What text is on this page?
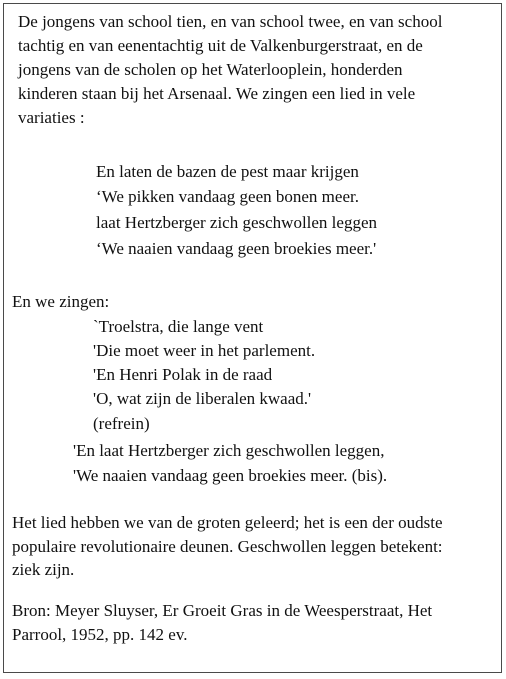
De jongens van school tien, en van school twee, en van school
tachtig en van eenentachtig uit de Valkenburgerstraat, en de
jongens van de scholen op het Waterlooplein, honderden
kinderen staan bij het Arsenaal. We zingen een lied in vele
variaties :
En laten de bazen de pest maar krijgen
‘We pikken vandaag geen bonen meer.
laat Hertzberger zich geschwollen leggen
‘We naaien vandaag geen broekies meer.'
En we zingen:
`Troelstra, die lange vent
'Die moet weer in het parlement.
'En Henri Polak in de raad
'O, wat zijn de liberalen kwaad.'
(refrein)
'En laat Hertzberger zich geschwollen leggen,
'We naaien vandaag geen broekies meer. (bis).
Het lied hebben we van de groten geleerd; het is een der oudste
populaire revolutionaire deunen. Geschwollen leggen betekent:
ziek zijn.
Bron: Meyer Sluyser, Er Groeit Gras in de Weesperstraat, Het
Parrool, 1952, pp. 142 ev.
